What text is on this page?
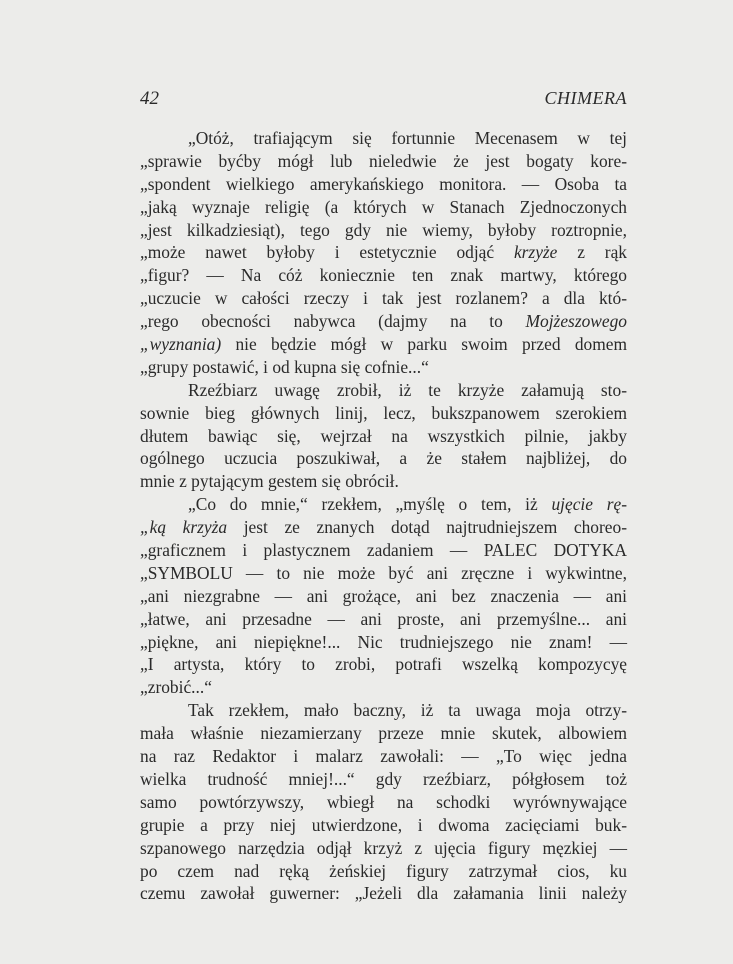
42	CHIMERA
„Otóż, trafiającym się fortunnie Mecenasem w tej
„sprawie byćby mógł lub nieledwie że jest bogaty kore-
„spondent wielkiego amerykańskiego monitora. — Osoba ta
„jaką wyznaje religię (a których w Stanach Zjednoczonych
„jest kilkadziesiąt), tego gdy nie wiemy, byłoby roztropnie,
„może nawet byłoby i estetycznie odjąć krzyże z rąk
„figur? — Na cóż koniecznie ten znak martwy, którego
„uczucie w całości rzeczy i tak jest rozlanem? a dla któ-
„rego obecności nabywca (dajmy na to Mojżeszowego
„wyznania) nie będzie mógł w parku swoim przed domem
„grupy postawić, i od kupna się cofnie...“
Rzeźbiarz uwagę zrobił, iż te krzyże załamują sto-
sownie bieg głównych linij, lecz, bukszpanowem szerokiem
dłutem bawiąc się, wejrzał na wszystkich pilnie, jakby
ogólnego uczucia poszukiwał, a że stałem najbliżej, do
mnie z pytającym gestem się obrócił.
„Co do mnie,“ rzekłem, „myślę o tem, iż ujęcie rę-
„ką krzyża jest ze znanych dotąd najtrudniejszem choreo-
„graficznem i plastycznem zadaniem — PALEC DOTYKA
„SYMBOLU — to nie może być ani zręczne i wykwintne,
„ani niezgrabne — ani grożące, ani bez znaczenia — ani
„łatwe, ani przesadne — ani proste, ani przemyślne... ani
„piękne, ani niepiękne!... Nic trudniejszego nie znam! —
„I artysta, który to zrobi, potrafi wszelką kompozycyę
„zrobić...“
Tak rzekłem, mało baczny, iż ta uwaga moja otrzy-
mała właśnie niezamierzany przeze mnie skutek, albowiem
na raz Redaktor i malarz zawołali: — „To więc jedna
wielka trudność mniej!...“ gdy rzeźbiarz, półgłosem toż
samo powtórzywszy, wbiegł na schodki wyrównywające
grupie a przy niej utwierdzone, i dwoma zacięciami buk-
szpanowego narzędzia odjął krzyż z ujęcia figury męzkiej —
po czem nad ręką żeńskiej figury zatrzymał cios, ku
czemu zawołał guwerner: „Jeżeli dla załamania linii należy
